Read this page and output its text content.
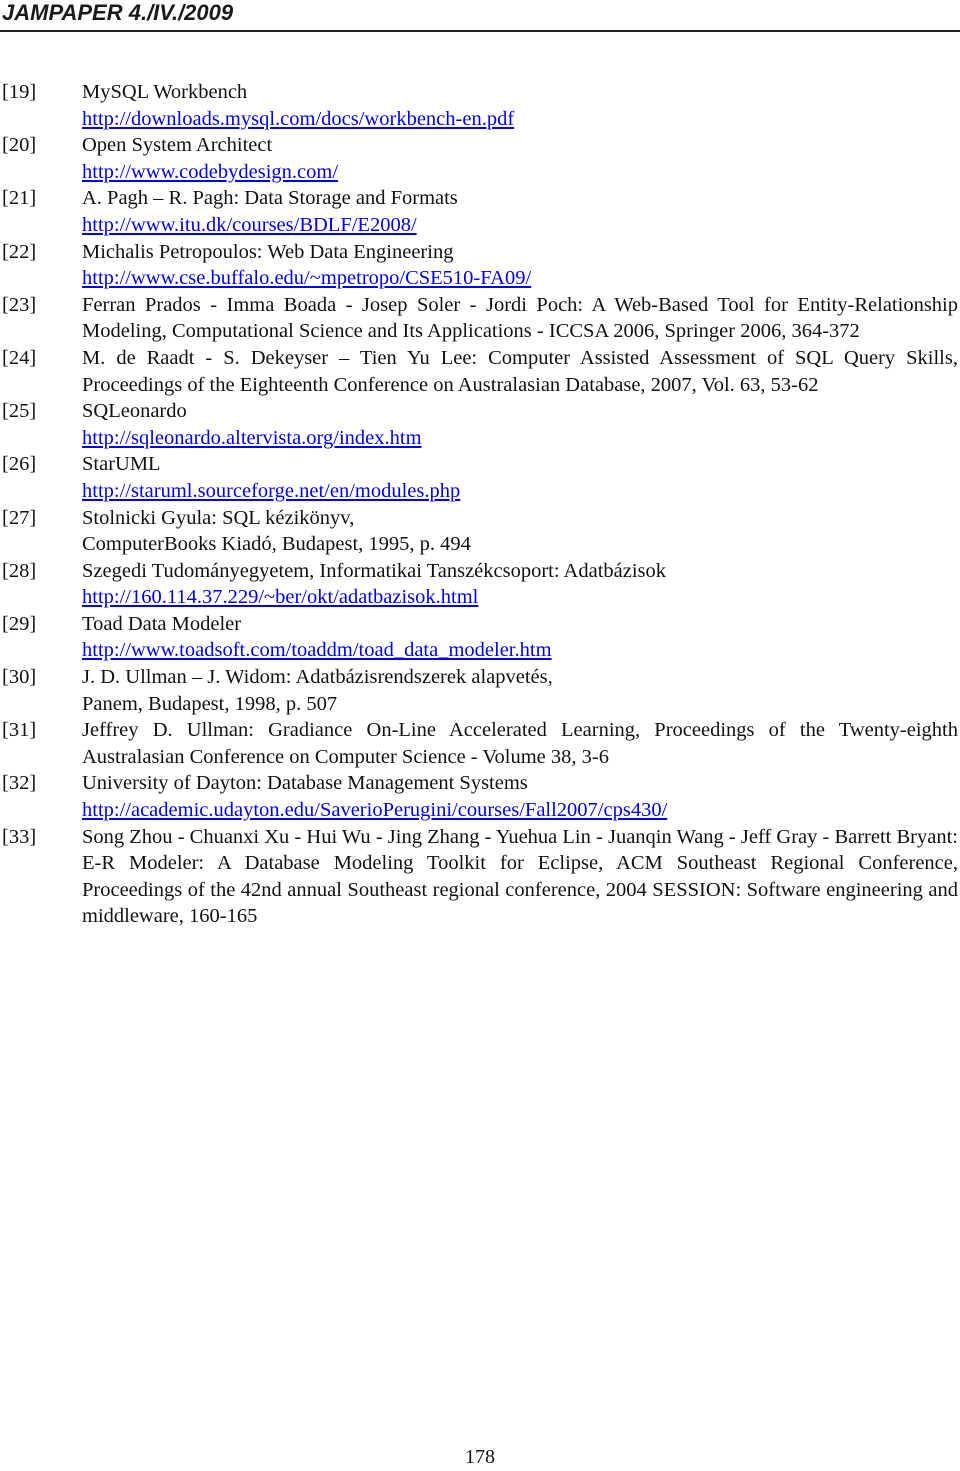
JAMPAPER 4./IV./2009
[19] MySQL Workbench
http://downloads.mysql.com/docs/workbench-en.pdf
[20] Open System Architect
http://www.codebydesign.com/
[21] A. Pagh – R. Pagh: Data Storage and Formats
http://www.itu.dk/courses/BDLF/E2008/
[22] Michalis Petropoulos: Web Data Engineering
http://www.cse.buffalo.edu/~mpetropo/CSE510-FA09/
[23] Ferran Prados - Imma Boada - Josep Soler - Jordi Poch: A Web-Based Tool for Entity-Relationship Modeling, Computational Science and Its Applications - ICCSA 2006, Springer 2006, 364-372
[24] M. de Raadt - S. Dekeyser – Tien Yu Lee: Computer Assisted Assessment of SQL Query Skills, Proceedings of the Eighteenth Conference on Australasian Database, 2007, Vol. 63, 53-62
[25] SQLeonardo
http://sqleonardo.altervista.org/index.htm
[26] StarUML
http://staruml.sourceforge.net/en/modules.php
[27] Stolnicki Gyula: SQL kézikönyv,
ComputerBooks Kiadó, Budapest, 1995, p. 494
[28] Szegedi Tudományegyetem, Informatikai Tanszékcsoport: Adatbázisok
http://160.114.37.229/~ber/okt/adatbazisok.html
[29] Toad Data Modeler
http://www.toadsoft.com/toaddm/toad_data_modeler.htm
[30] J. D. Ullman – J. Widom: Adatbázisrendszerek alapvetés,
Panem, Budapest, 1998, p. 507
[31] Jeffrey D. Ullman: Gradiance On-Line Accelerated Learning, Proceedings of the Twenty-eighth Australasian Conference on Computer Science - Volume 38, 3-6
[32] University of Dayton: Database Management Systems
http://academic.udayton.edu/SaverioPerugini/courses/Fall2007/cps430/
[33] Song Zhou - Chuanxi Xu - Hui Wu - Jing Zhang - Yuehua Lin - Juanqin Wang - Jeff Gray - Barrett Bryant: E-R Modeler: A Database Modeling Toolkit for Eclipse, ACM Southeast Regional Conference, Proceedings of the 42nd annual Southeast regional conference, 2004 SESSION: Software engineering and middleware, 160-165
178
